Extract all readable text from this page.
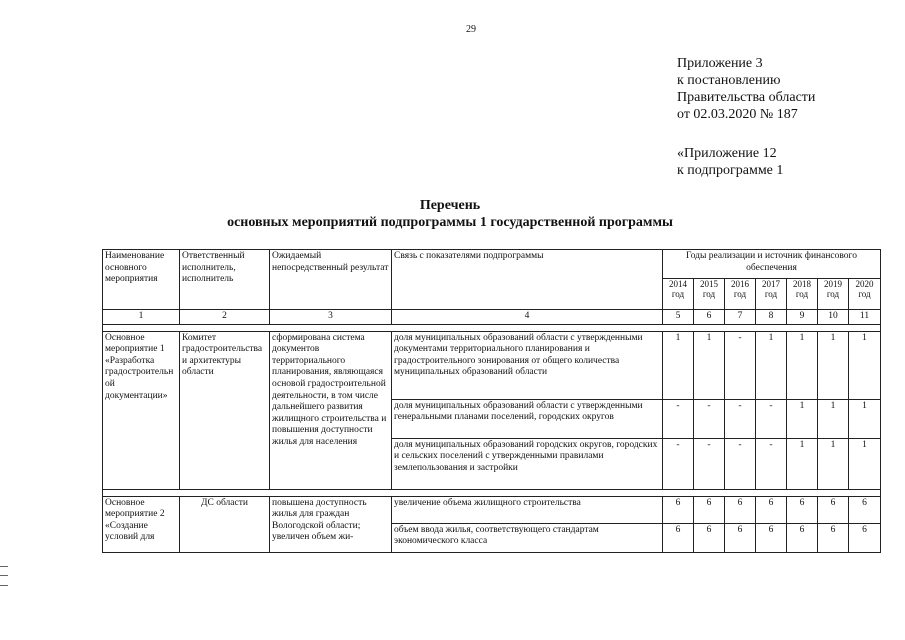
29
Приложение 3
к постановлению
Правительства области
от 02.03.2020 № 187
«Приложение 12
к подпрограмме 1
Перечень
основных мероприятий подпрограммы 1 государственной программы
Наименование основного мероприятия	Ответственный исполнитель, исполнитель	Ожидаемый непосредственный результат	Связь с показателями подпрограммы	Годы реализации и источник финансового обеспечения						
				2014 год	2015 год	2016 год	2017 год	2018 год	2019 год	2020 год
1	2	3	4	5	6	7	8	9	10	11

Основное мероприятие 1 «Разработка градостроительной документации»	Комитет градостроительства и архитектуры области	сформирована система документов территориального планирования, являющаяся основой градостроительной деятельности, в том числе дальнейшего развития жилищного строительства и повышения доступности жилья для населения	доля муниципальных образований области с утвержденными документами территориального планирования и градостроительного зонирования от общего количества муниципальных образований области	1	1	-	1	1	1	1
			доля муниципальных образований области с утвержденными генеральными планами поселений, городских округов	-	-	-	-	1	1	1
			доля муниципальных образований городских округов, городских и сельских поселений с утвержденными правилами землепользования и застройки	-	-	-	-	1	1	1

Основное мероприятие 2 «Создание условий для	ДС области	повышена доступность жилья для граждан Вологодской области; увеличен объем жи-	увеличение объема жилищного строительства	6	6	6	6	6	6	6
			объем ввода жилья, соответствующего стандартам экономического класса	6	6	6	6	6	6	6
